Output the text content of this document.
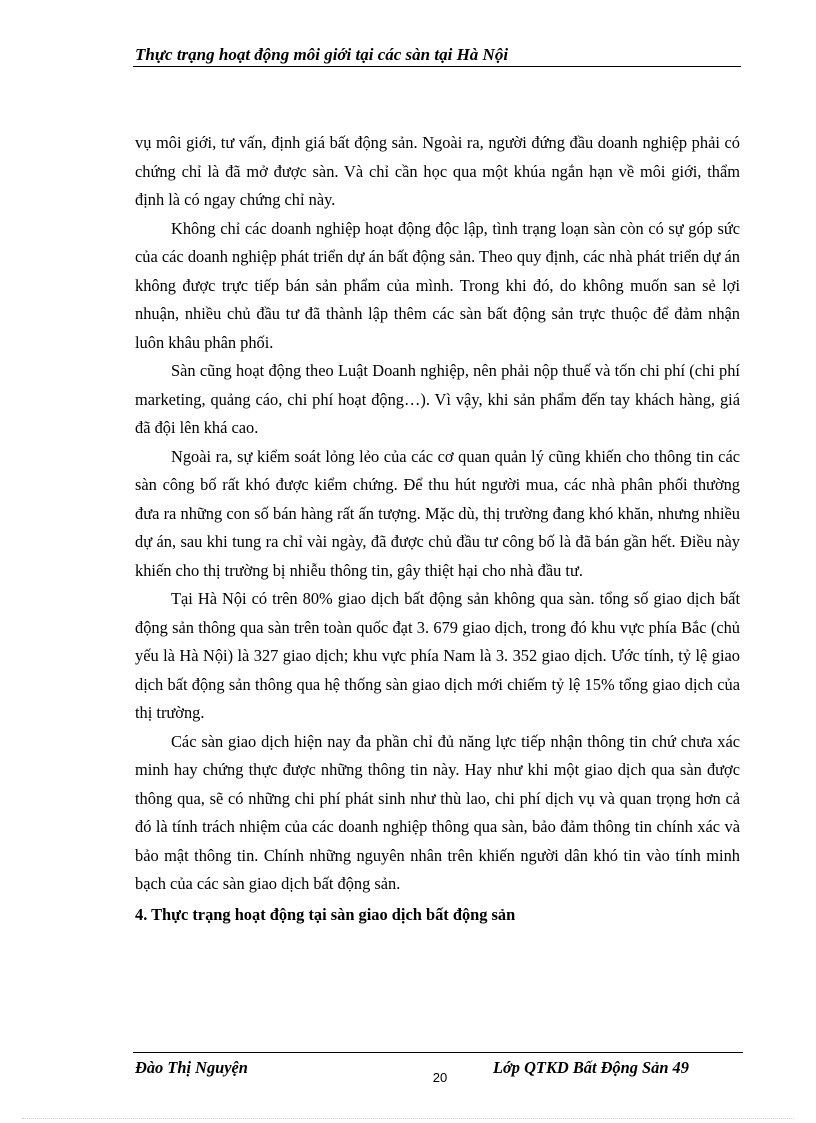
Thực trạng hoạt động môi giới tại các sàn tại Hà Nội

vụ môi giới, tư vấn, định giá bất động sản. Ngoài ra, người đứng đầu doanh nghiệp phải có chứng chỉ là đã mở được sàn. Và chỉ cần học qua một khúa ngắn hạn về môi giới, thẩm định là có ngay chứng chỉ này.

Không chỉ các doanh nghiệp hoạt động độc lập, tình trạng loạn sàn còn có sự góp sức của các doanh nghiệp phát triển dự án bất động sản. Theo quy định, các nhà phát triển dự án không được trực tiếp bán sản phẩm của mình. Trong khi đó, do không muốn san sẻ lợi nhuận, nhiều chủ đầu tư đã thành lập thêm các sàn bất động sản trực thuộc để đảm nhận luôn khâu phân phối.

Sàn cũng hoạt động theo Luật Doanh nghiệp, nên phải nộp thuế và tốn chi phí (chi phí marketing, quảng cáo, chi phí hoạt động…). Vì vậy, khi sản phẩm đến tay khách hàng, giá đã đội lên khá cao.

Ngoài ra, sự kiểm soát lỏng lẻo của các cơ quan quản lý cũng khiến cho thông tin các sàn công bố rất khó được kiểm chứng. Để thu hút người mua, các nhà phân phối thường đưa ra những con số bán hàng rất ấn tượng. Mặc dù, thị trường đang khó khăn, nhưng nhiều dự án, sau khi tung ra chỉ vài ngày, đã được chủ đầu tư công bố là đã bán gần hết. Điều này khiến cho thị trường bị nhiễu thông tin, gây thiệt hại cho nhà đầu tư.

Tại Hà Nội có trên 80% giao dịch bất động sản không qua sàn. tổng số giao dịch bất động sản thông qua sàn trên toàn quốc đạt 3. 679 giao dịch, trong đó khu vực phía Bắc (chủ yếu là Hà Nội) là 327 giao dịch; khu vực phía Nam là 3. 352 giao dịch. Ước tính, tỷ lệ giao dịch bất động sản thông qua hệ thống sàn giao dịch mới chiếm tỷ lệ 15% tổng giao dịch của thị trường.

Các sàn giao dịch hiện nay đa phần chỉ đủ năng lực tiếp nhận thông tin chứ chưa xác minh hay chứng thực được những thông tin này. Hay như khi một giao dịch qua sàn được thông qua, sẽ có những chi phí phát sinh như thù lao, chi phí dịch vụ và quan trọng hơn cả đó là tính trách nhiệm của các doanh nghiệp thông qua sàn, bảo đảm thông tin chính xác và bảo mật thông tin. Chính những nguyên nhân trên khiến người dân khó tin vào tính minh bạch của các sàn giao dịch bất động sản.

4. Thực trạng hoạt động tại sàn giao dịch bất động sản
Đào Thị Nguyện
20
Lớp QTKD Bất Động Sản 49
